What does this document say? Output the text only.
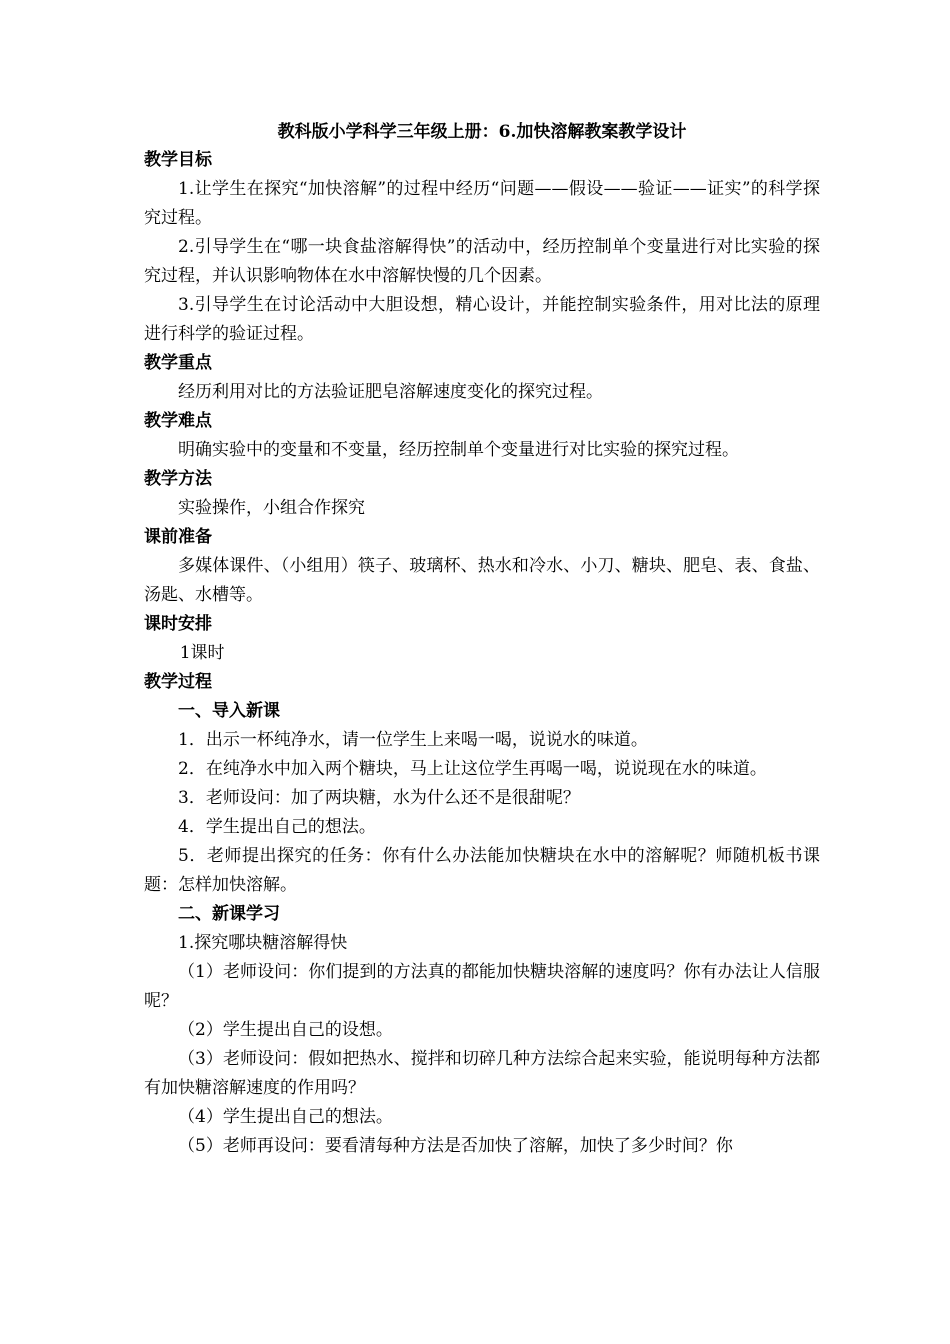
教科版小学科学三年级上册：6.加快溶解教案教学设计
教学目标

1.让学生在探究“加快溶解”的过程中经历“问题——假设——验证——证实”的科学探究过程。

2.引导学生在“哪一块食盐溶解得快”的活动中，经历控制单个变量进行对比实验的探究过程，并认识影响物体在水中溶解快慢的几个因素。

3.引导学生在讨论活动中大胆设想，精心设计，并能控制实验条件，用对比法的原理进行科学的验证过程。

教学重点

经历利用对比的方法验证肥皂溶解速度变化的探究过程。

教学难点

明确实验中的变量和不变量，经历控制单个变量进行对比实验的探究过程。

教学方法

实验操作，小组合作探究

课前准备

多媒体课件、（小组用）筷子、玻璃杯、热水和冷水、小刀、糖块、肥皂、表、食盐、汤匙、水槽等。

课时安排

1课时

教学过程
一、导入新课

1．出示一杯纯净水，请一位学生上来喝一喝，说说水的味道。

2．在纯净水中加入两个糖块，马上让这位学生再喝一喝，说说现在水的味道。

3．老师设问：加了两块糖，水为什么还不是很甜呢？

4．学生提出自己的想法。

5．老师提出探究的任务：你有什么办法能加快糖块在水中的溶解呢？师随机板书课题：怎样加快溶解。

二、新课学习

1.探究哪块糖溶解得快

（1）老师设问：你们提到的方法真的都能加快糖块溶解的速度吗？你有办法让人信服呢？

（2）学生提出自己的设想。

（3）老师设问：假如把热水、搅拌和切碎几种方法综合起来实验，能说明每种方法都有加快糖溶解速度的作用吗？

（4）学生提出自己的想法。

（5）老师再设问：要看清每种方法是否加快了溶解，加快了多少时间？你
